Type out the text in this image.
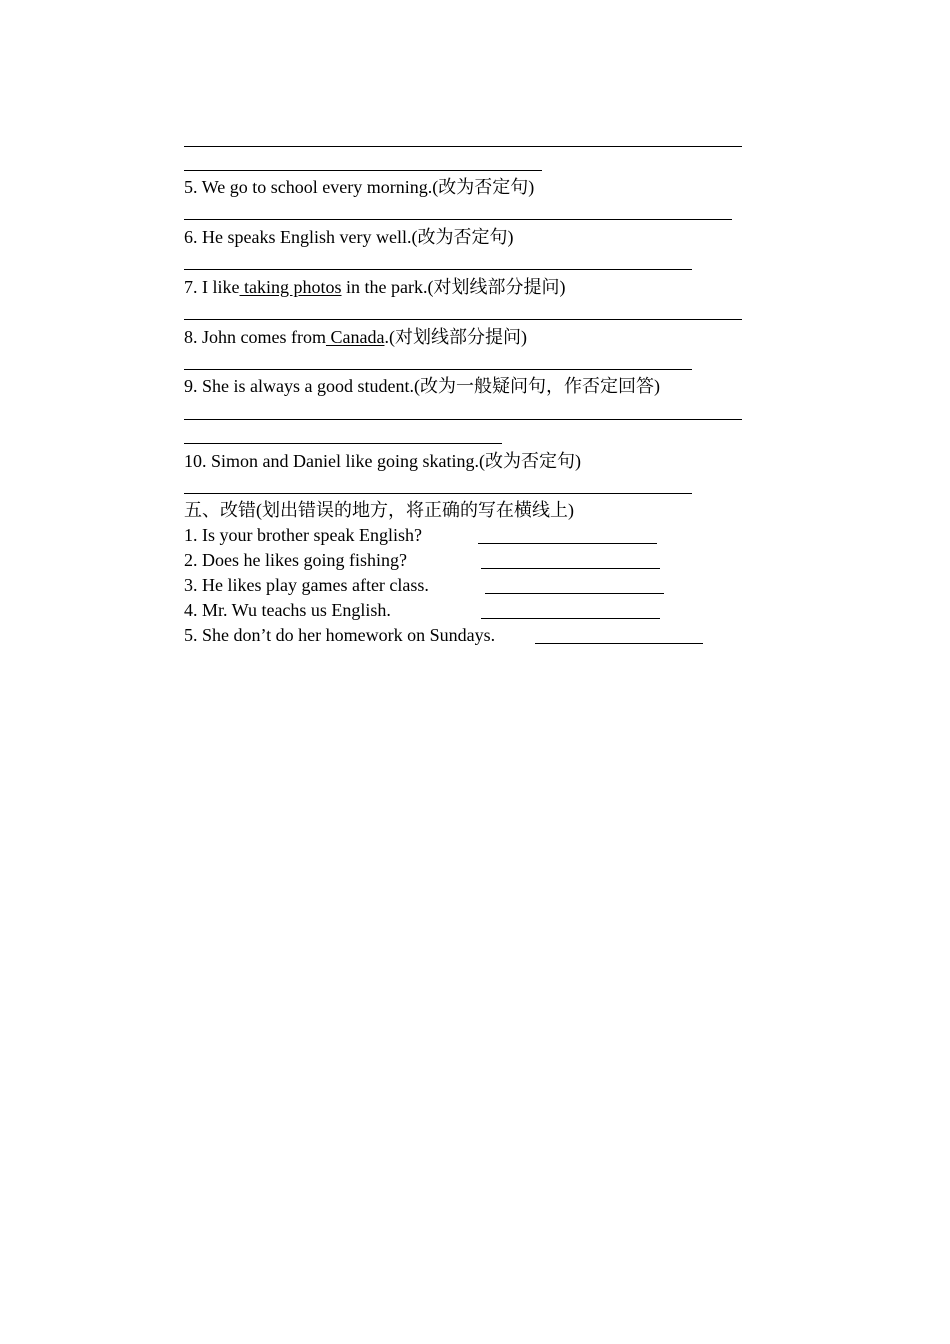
5. We go to school every morning.(改为否定句)
6. He speaks English very well.(改为否定句)
7. I like taking photos in the park.(对划线部分提问)
8. John comes from Canada.(对划线部分提问)
9. She is always a good student.(改为一般疑问句，作否定回答)
10. Simon and Daniel like going skating.(改为否定句)
五、改错(划出错误的地方，将正确的写在横线上)
1. Is your brother speak English?
2. Does he likes going fishing?
3. He likes play games after class.
4. Mr. Wu teachs us English.
5. She don’t do her homework on Sundays.
